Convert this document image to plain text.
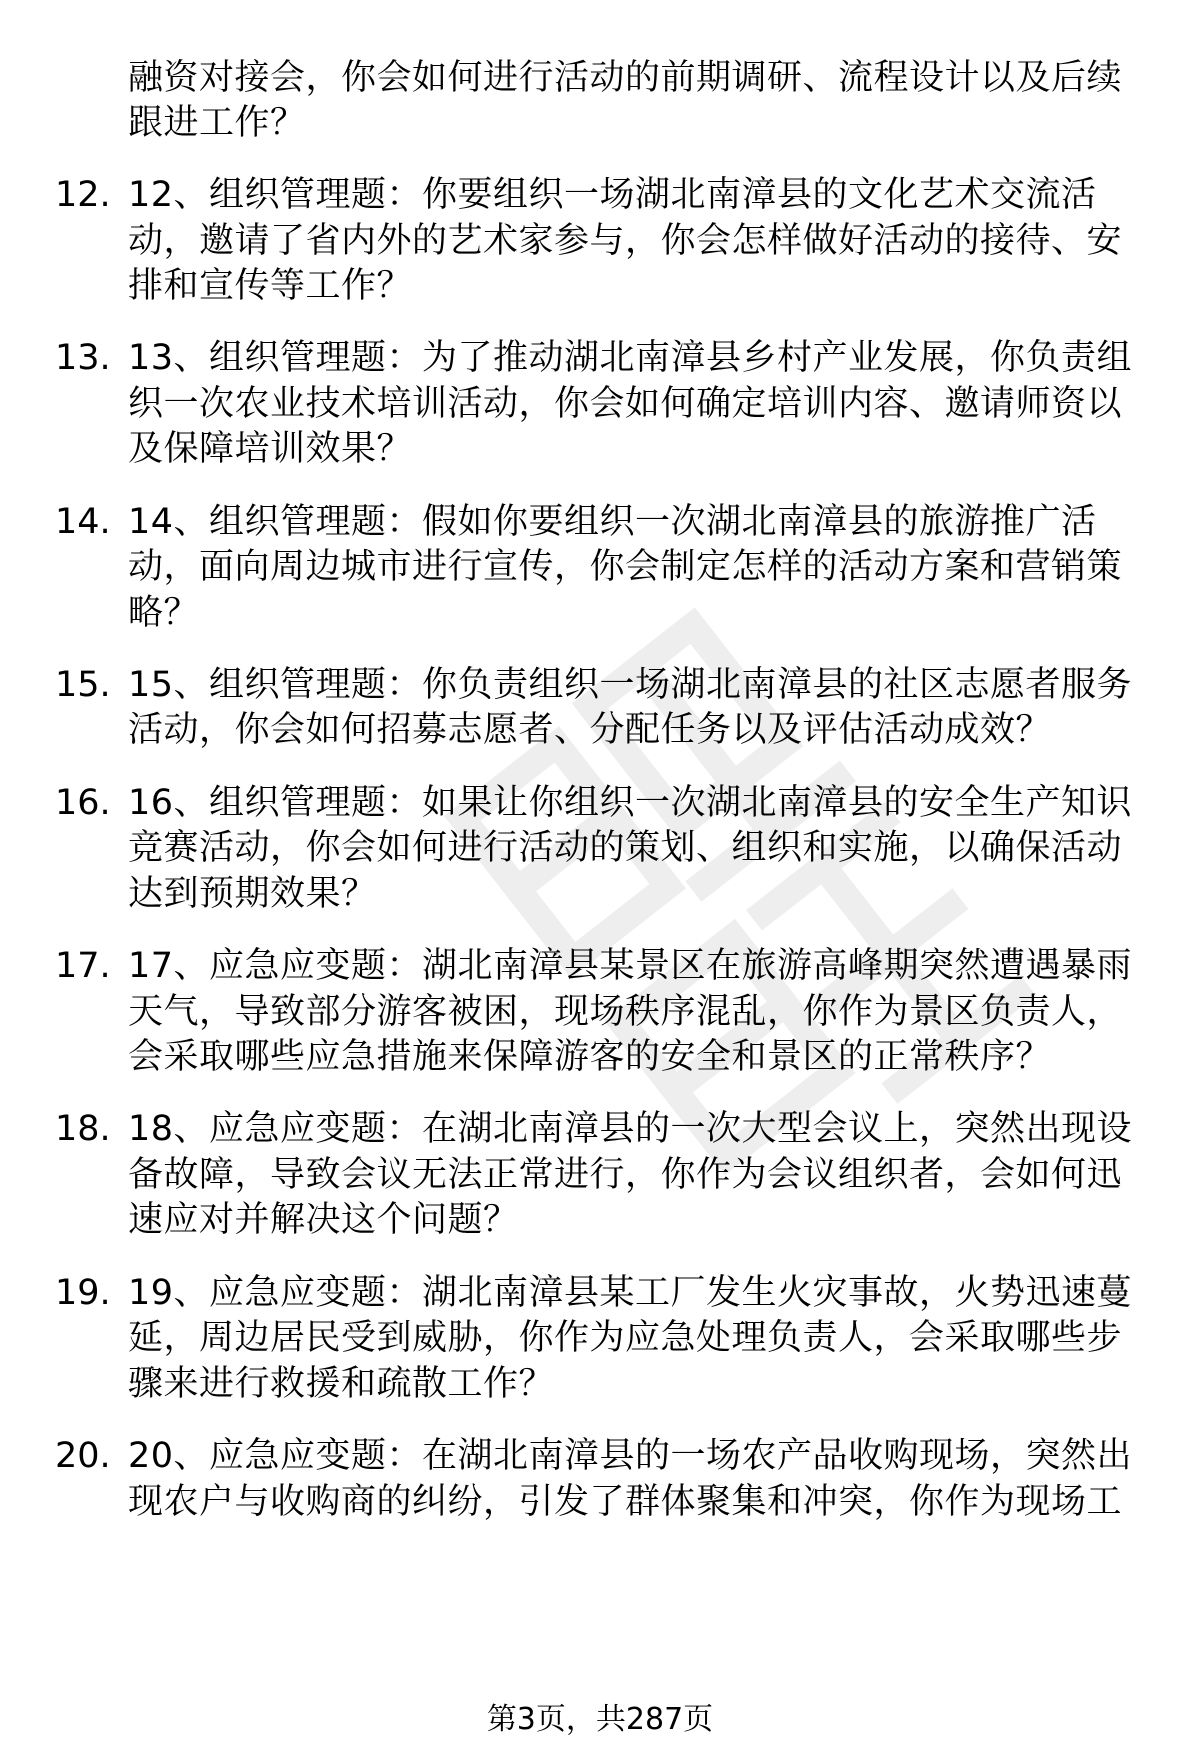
融资对接会，你会如何进行活动的前期调研、流程设计以及后续
跟进工作？
12. 12、组织管理题：你要组织一场湖北南漳县的文化艺术交流活
动，邀请了省内外的艺术家参与，你会怎样做好活动的接待、安
排和宣传等工作？
13. 13、组织管理题：为了推动湖北南漳县乡村产业发展，你负责组
织一次农业技术培训活动，你会如何确定培训内容、邀请师资以
及保障培训效果？
14. 14、组织管理题：假如你要组织一次湖北南漳县的旅游推广活
动，面向周边城市进行宣传，你会制定怎样的活动方案和营销策
略？
15. 15、组织管理题：你负责组织一场湖北南漳县的社区志愿者服务
活动，你会如何招募志愿者、分配任务以及评估活动成效？
16. 16、组织管理题：如果让你组织一次湖北南漳县的安全生产知识
竞赛活动，你会如何进行活动的策划、组织和实施，以确保活动
达到预期效果？
17. 17、应急应变题：湖北南漳县某景区在旅游高峰期突然遭遇暴雨
天气，导致部分游客被困，现场秩序混乱，你作为景区负责人，
会采取哪些应急措施来保障游客的安全和景区的正常秩序？
18. 18、应急应变题：在湖北南漳县的一次大型会议上，突然出现设
备故障，导致会议无法正常进行，你作为会议组织者，会如何迅
速应对并解决这个问题？
19. 19、应急应变题：湖北南漳县某工厂发生火灾事故，火势迅速蔓
延，周边居民受到威胁，你作为应急处理负责人，会采取哪些步
骤来进行救援和疏散工作？
20. 20、应急应变题：在湖北南漳县的一场农产品收购现场，突然出
现农户与收购商的纠纷，引发了群体聚集和冲突，你作为现场工
第3页，共287页
